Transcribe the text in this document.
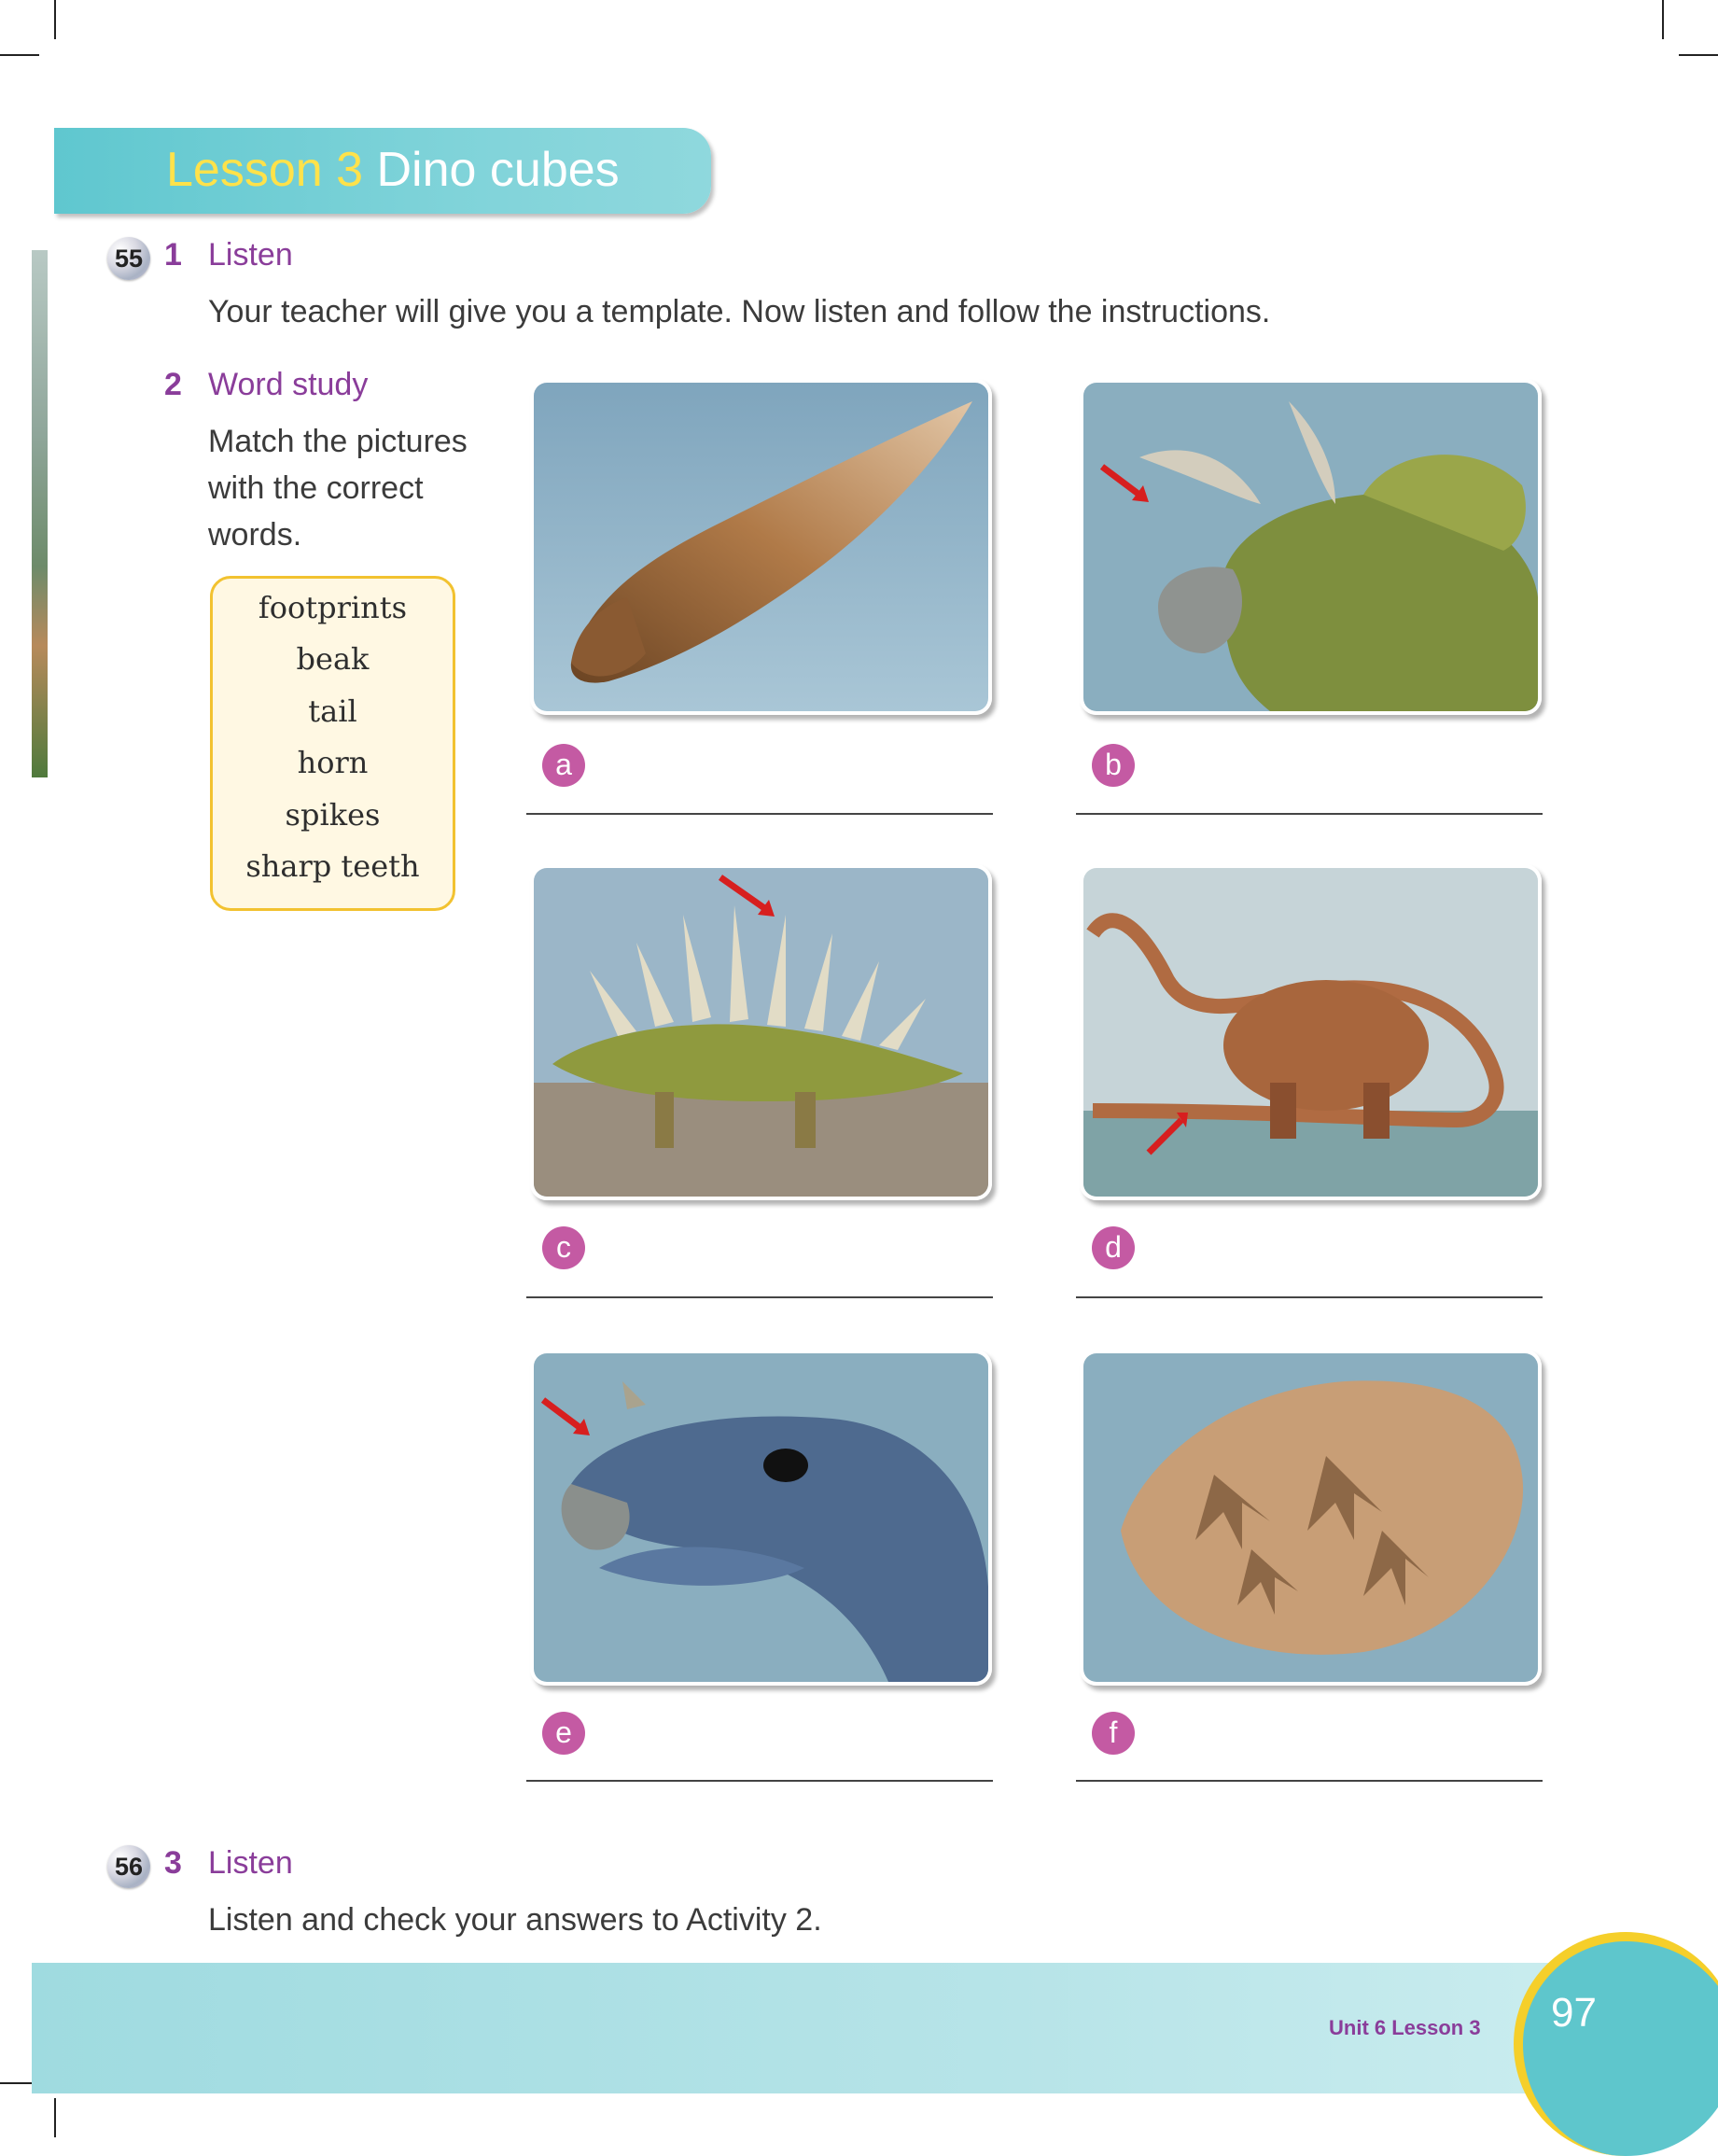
Lesson 3 Dino cubes
55 1 Listen
Your teacher will give you a template. Now listen and follow the instructions.
2 Word study
Match the pictures
with the correct
words.
footprints
beak
tail
horn
spikes
sharp teeth
a	b
c	d
e	f
56 3 Listen
Listen and check your answers to Activity 2.
Unit 6 Lesson 3 97
